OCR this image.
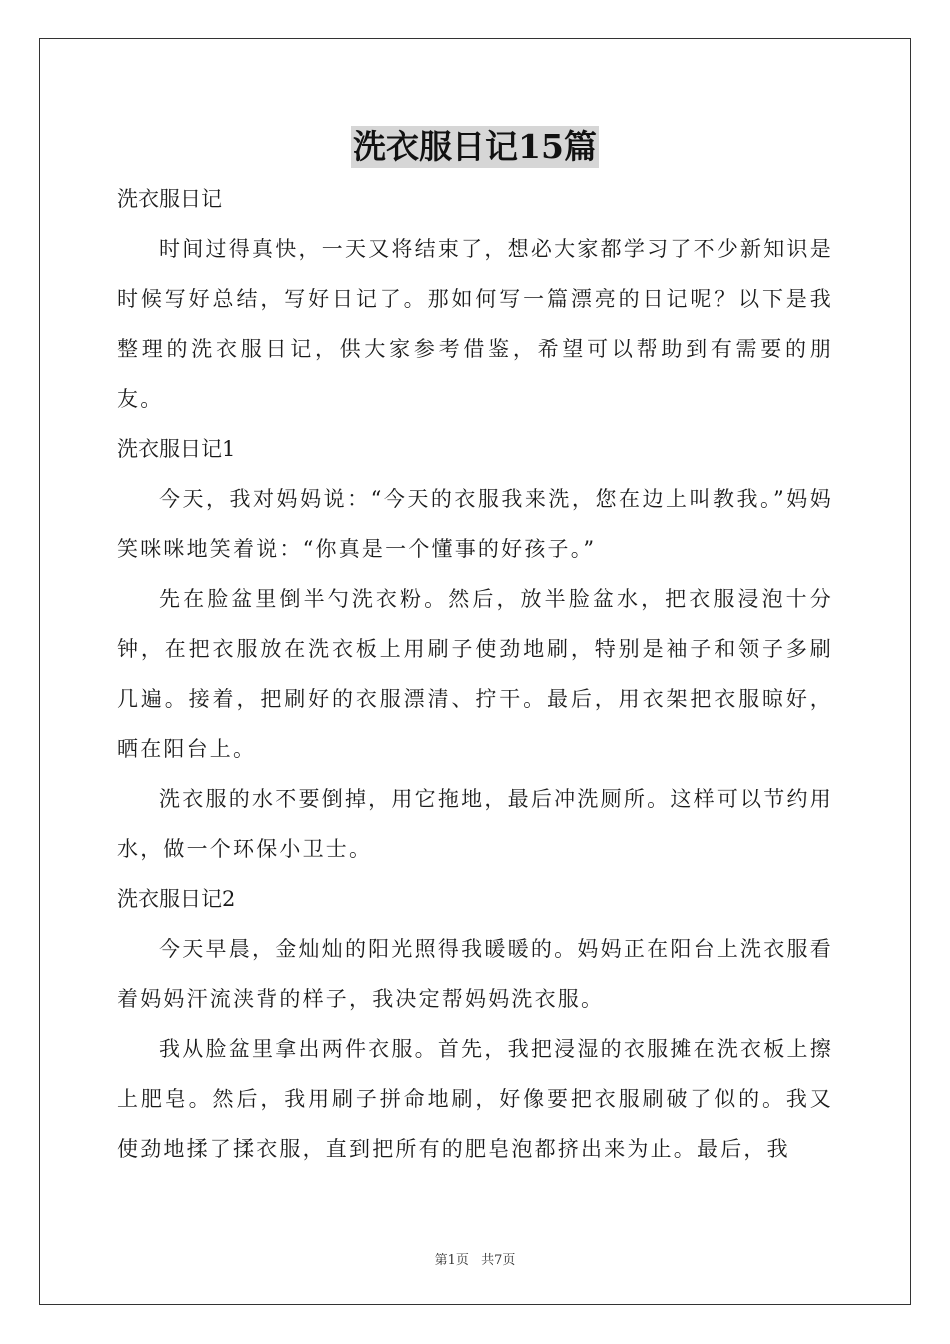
洗衣服日记15篇

洗衣服日记

时间过得真快，一天又将结束了，想必大家都学习了不少新知识是时候写好总结，写好日记了。那如何写一篇漂亮的日记呢？以下是我整理的洗衣服日记，供大家参考借鉴，希望可以帮助到有需要的朋友。

洗衣服日记1

今天，我对妈妈说：“今天的衣服我来洗，您在边上叫教我。”妈妈笑咪咪地笑着说：“你真是一个懂事的好孩子。”

先在脸盆里倒半勺洗衣粉。然后，放半脸盆水，把衣服浸泡十分钟，在把衣服放在洗衣板上用刷子使劲地刷，特别是袖子和领子多刷几遍。接着，把刷好的衣服漂清、拧干。最后，用衣架把衣服晾好，晒在阳台上。

洗衣服的水不要倒掉，用它拖地，最后冲洗厕所。这样可以节约用水，做一个环保小卫士。

洗衣服日记2

今天早晨，金灿灿的阳光照得我暖暖的。妈妈正在阳台上洗衣服看着妈妈汗流浃背的样子，我决定帮妈妈洗衣服。

我从脸盆里拿出两件衣服。首先，我把浸湿的衣服摊在洗衣板上擦上肥皂。然后，我用刷子拼命地刷，好像要把衣服刷破了似的。我又使劲地揉了揉衣服，直到把所有的肥皂泡都挤出来为止。最后，我

第1页 共7页
